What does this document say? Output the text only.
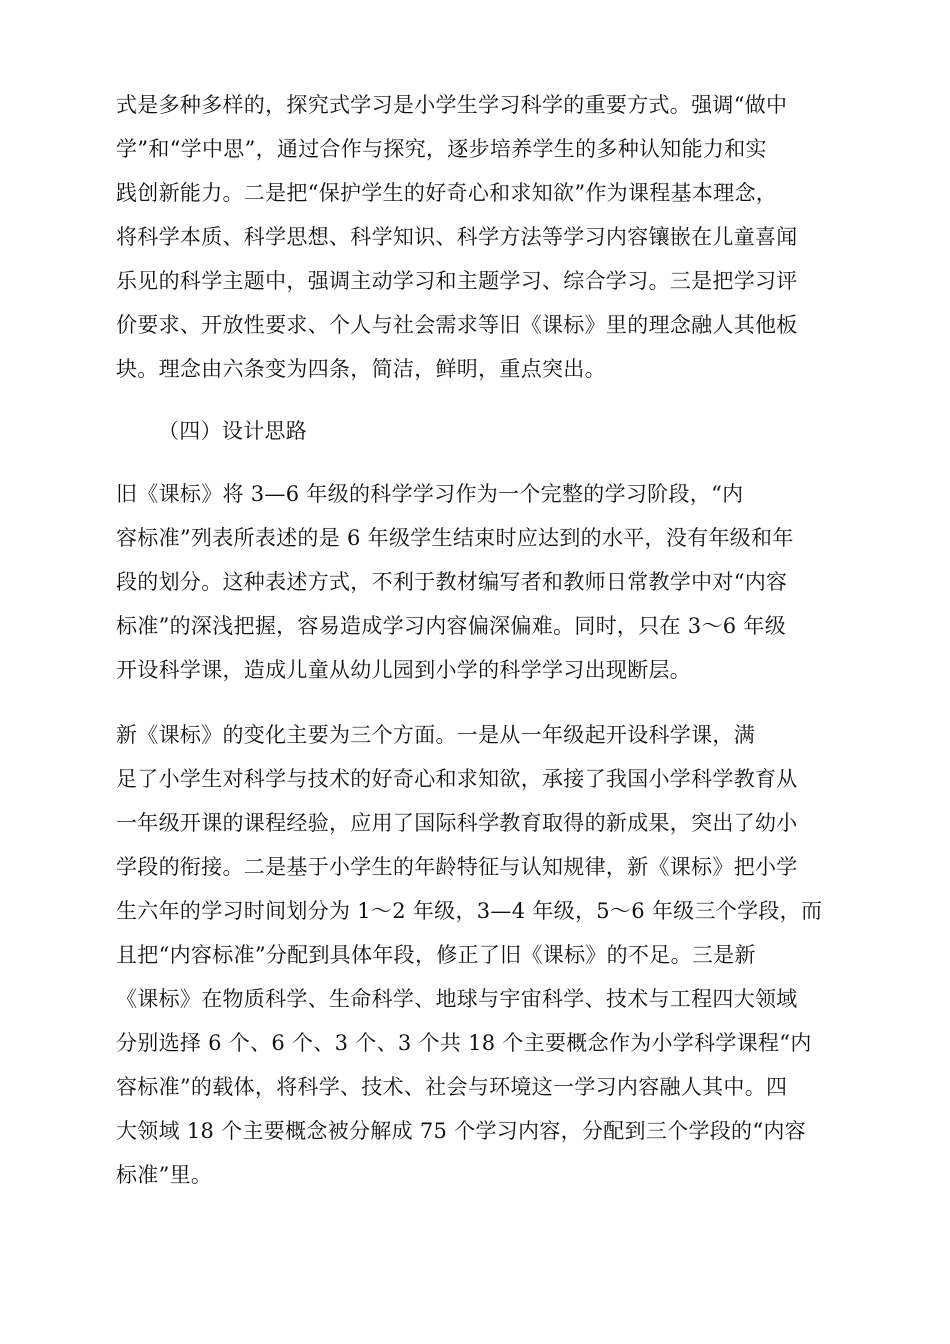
式是多种多样的，探究式学习是小学生学习科学的重要方式。强调“做中
学”和“学中思”，通过合作与探究，逐步培养学生的多种认知能力和实
践创新能力。二是把“保护学生的好奇心和求知欲”作为课程基本理念，
将科学本质、科学思想、科学知识、科学方法等学习内容镶嵌在儿童喜闻
乐见的科学主题中，强调主动学习和主题学习、综合学习。三是把学习评
价要求、开放性要求、个人与社会需求等旧《课标》里的理念融人其他板
块。理念由六条变为四条，简洁，鲜明，重点突出。
（四）设计思路
旧《课标》将 3—6 年级的科学学习作为一个完整的学习阶段，“内
容标准”列表所表述的是 6 年级学生结束时应达到的水平，没有年级和年
段的划分。这种表述方式，不利于教材编写者和教师日常教学中对“内容
标准”的深浅把握，容易造成学习内容偏深偏难。同时，只在 3～6 年级
开设科学课，造成儿童从幼儿园到小学的科学学习出现断层。
新《课标》的变化主要为三个方面。一是从一年级起开设科学课，满
足了小学生对科学与技术的好奇心和求知欲，承接了我国小学科学教育从
一年级开课的课程经验，应用了国际科学教育取得的新成果，突出了幼小
学段的衔接。二是基于小学生的年龄特征与认知规律，新《课标》把小学
生六年的学习时间划分为 1～2 年级，3—4 年级，5～6 年级三个学段，而
且把“内容标准”分配到具体年段，修正了旧《课标》的不足。三是新
《课标》在物质科学、生命科学、地球与宇宙科学、技术与工程四大领域
分别选择 6 个、6 个、3 个、3 个共 18 个主要概念作为小学科学课程“内
容标准”的载体，将科学、技术、社会与环境这一学习内容融人其中。四
大领域 18 个主要概念被分解成 75 个学习内容，分配到三个学段的“内容
标准”里。
